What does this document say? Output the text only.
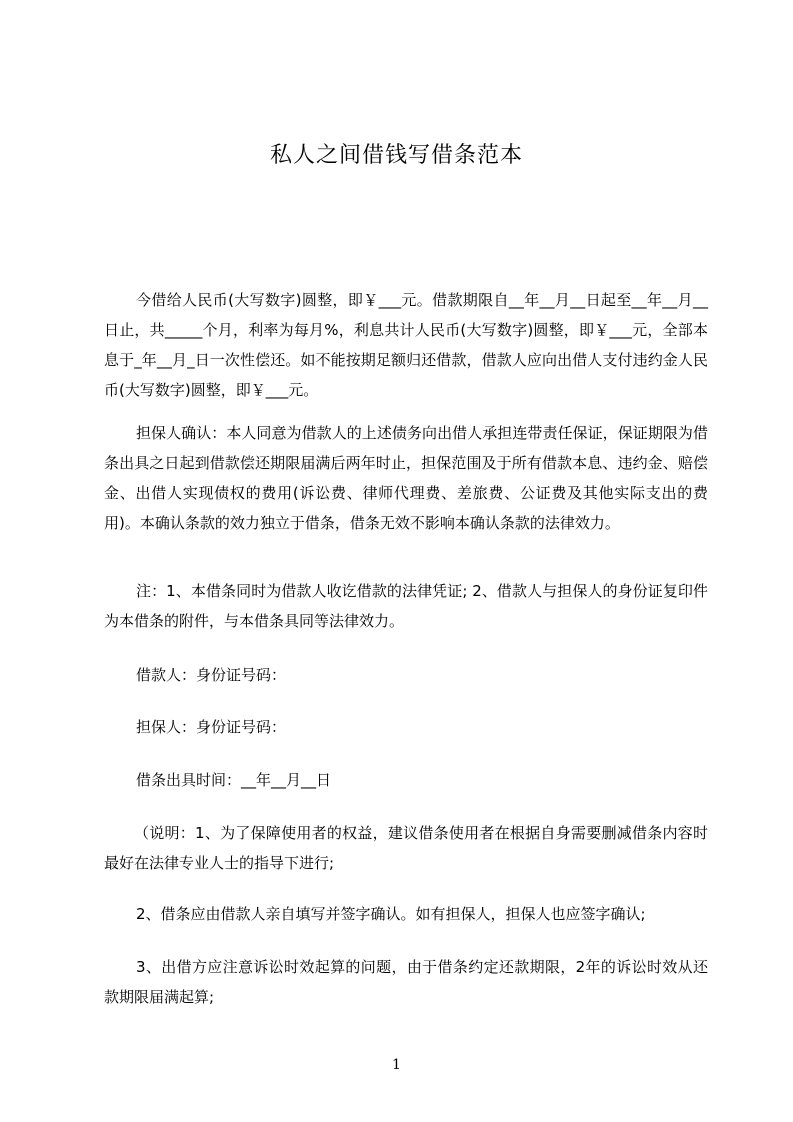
私人之间借钱写借条范本

今借给人民币(大写数字)圆整，即￥___元。借款期限自__年__月__日起至__年__月__日止，共_____个月，利率为每月%，利息共计人民币(大写数字)圆整，即￥___元，全部本息于_年__月_日一次性偿还。如不能按期足额归还借款，借款人应向出借人支付违约金人民币(大写数字)圆整，即￥___元。

担保人确认：本人同意为借款人的上述债务向出借人承担连带责任保证，保证期限为借条出具之日起到借款偿还期限届满后两年时止，担保范围及于所有借款本息、违约金、赔偿金、出借人实现债权的费用(诉讼费、律师代理费、差旅费、公证费及其他实际支出的费用)。本确认条款的效力独立于借条，借条无效不影响本确认条款的法律效力。

注：1、本借条同时为借款人收讫借款的法律凭证; 2、借款人与担保人的身份证复印件为本借条的附件，与本借条具同等法律效力。

借款人：身份证号码：

担保人：身份证号码：

借条出具时间：__年__月__日

（说明：1、为了保障使用者的权益，建议借条使用者在根据自身需要删减借条内容时最好在法律专业人士的指导下进行;

2、借条应由借款人亲自填写并签字确认。如有担保人，担保人也应签字确认;

3、出借方应注意诉讼时效起算的问题，由于借条约定还款期限，2年的诉讼时效从还款期限届满起算;

1
